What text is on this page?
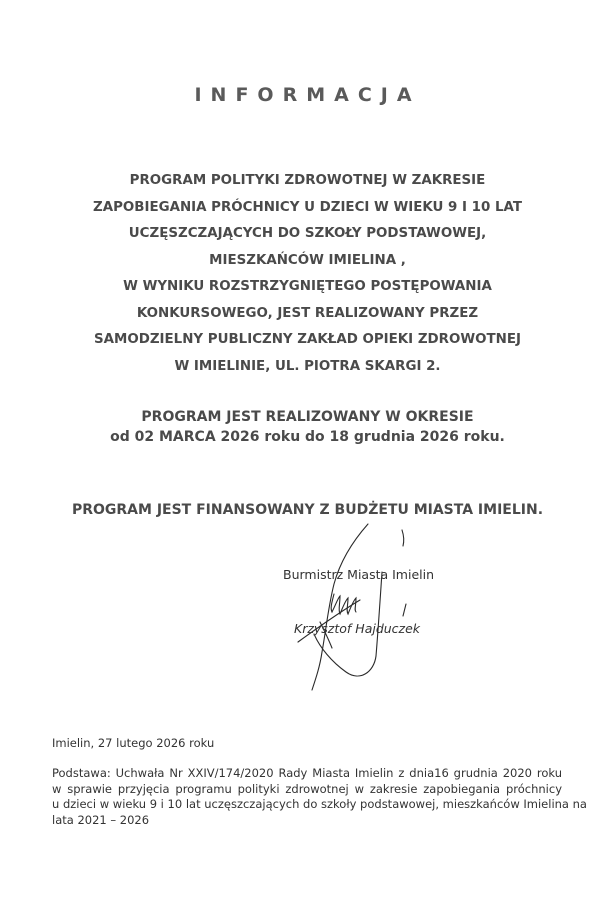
INFORMACJA
PROGRAM POLITYKI ZDROWOTNEJ W ZAKRESIE
ZAPOBIEGANIA PRÓCHNICY U DZIECI W WIEKU 9 I 10 LAT
UCZĘSZCZAJĄCYCH DO SZKOŁY PODSTAWOWEJ,
MIESZKAŃCÓW IMIELINA ,
W WYNIKU ROZSTRZYGNIĘTEGO POSTĘPOWANIA
KONKURSOWEGO, JEST REALIZOWANY PRZEZ
SAMODZIELNY PUBLICZNY ZAKŁAD OPIEKI ZDROWOTNEJ
W IMIELINIE, UL. PIOTRA SKARGI 2.
PROGRAM JEST REALIZOWANY W OKRESIE
od 02 MARCA 2026 roku do 18 grudnia 2026 roku.
PROGRAM JEST FINANSOWANY Z BUDŻETU MIASTA IMIELIN.
Burmistrz Miasta Imielin
Krzysztof Hajduczek
Imielin, 27 lutego 2026 roku
Podstawa: Uchwała Nr XXIV/174/2020 Rady Miasta Imielin z dnia16 grudnia 2020 roku
w sprawie przyjęcia programu polityki zdrowotnej w zakresie zapobiegania próchnicy
u dzieci w wieku 9 i 10 lat uczęszczających do szkoły podstawowej, mieszkańców Imielina na
lata 2021 – 2026
